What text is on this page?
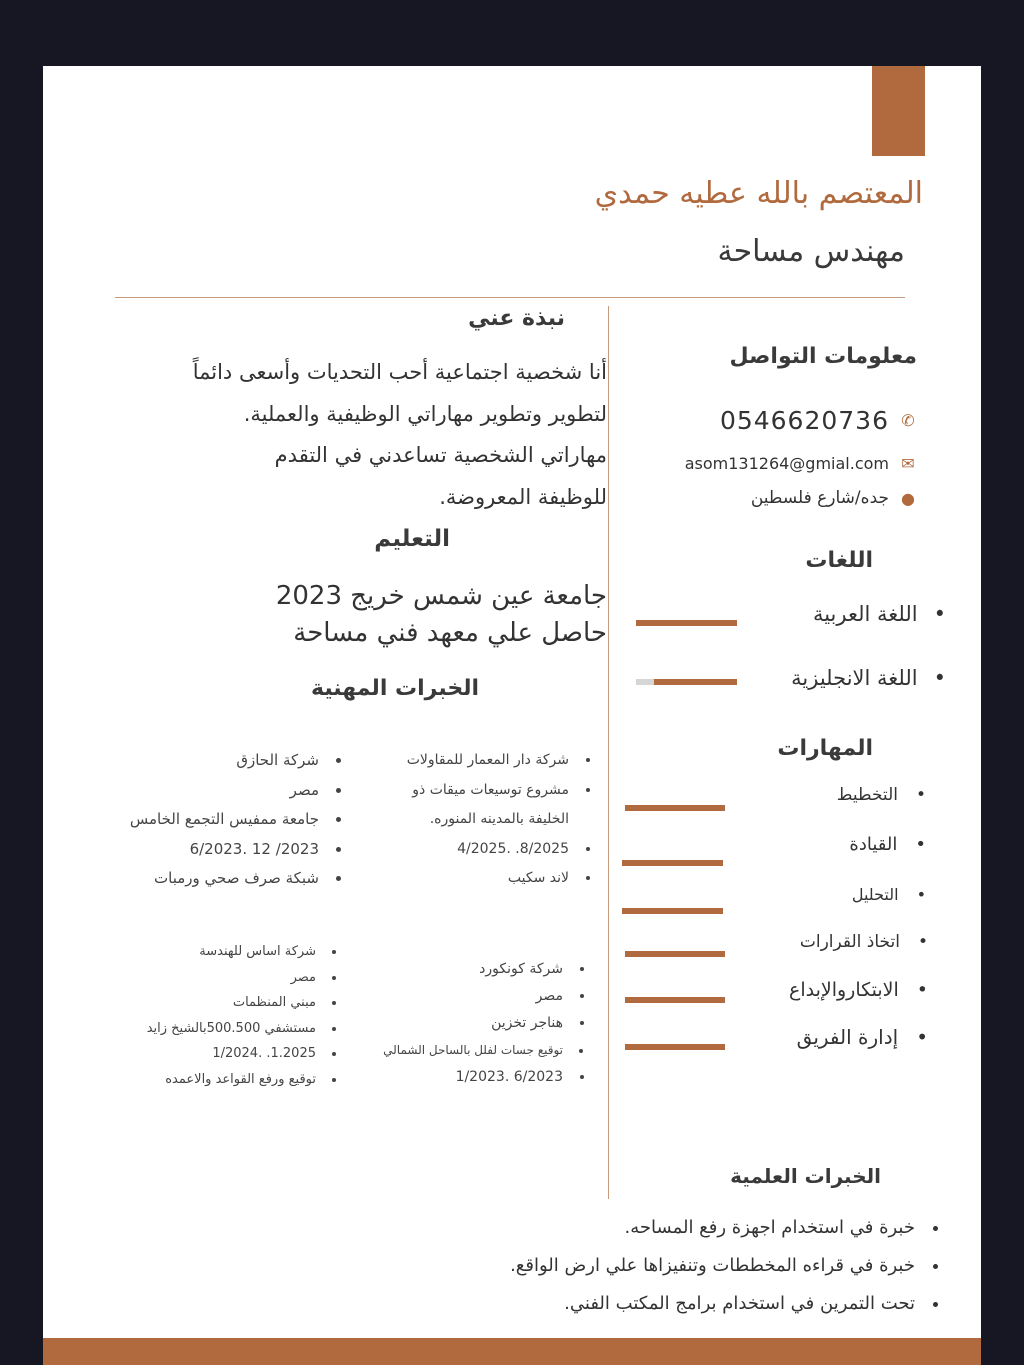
المعتصم بالله عطيه حمدي
مهندس مساحة
نبذة عني
أنا شخصية اجتماعية أحب التحديات وأسعى دائماً
لتطوير وتطوير مهاراتي الوظيفية والعملية.
مهاراتي الشخصية تساعدني في التقدم
للوظيفة المعروضة.
التعليم
جامعة عين شمس خريج 2023
حاصل علي معهد فني مساحة
الخبرات المهنية
• شركة دار المعمار للمقاولات
• مشروع توسيعات ميقات ذو
الخليفة بالمدينه المنوره.
• 8/2025. .4/2025
• لاند سكيب
• شركة الحازق
• مصر
• جامعة ممفيس التجمع الخامس
• 2023/ 12 .6/2023
• شبكة صرف صحي ورمبات
• شركة كونكورد
• مصر
• هناجر تخزين
• توقيع جسات لفلل بالساحل الشمالي
• 6/2023 .1/2023
• شركة اساس للهندسة
• مصر
• مبني المنظمات
• مستشفي 500.500بالشيخ زايد
• 1.2025. .1/2024
• توقيع ورفع القواعد والاعمده
معلومات التواصل
✆
0546620736
✉
asom131264@gmial.com
●
جده/شارع فلسطين
اللغات
•
اللغة العربية
•
اللغة الانجليزية
المهارات
•
التخطيط
•
القيادة
•
التحليل
•
اتخاذ القرارات
•
الابتكاروالإبداع
•
إدارة الفريق
الخبرات العلمية
• خبرة في استخدام اجهزة رفع المساحه.
• خبرة في قراءه المخططات وتنفيزاها علي ارض الواقع.
• تحت التمرين في استخدام برامج المكتب الفني.
